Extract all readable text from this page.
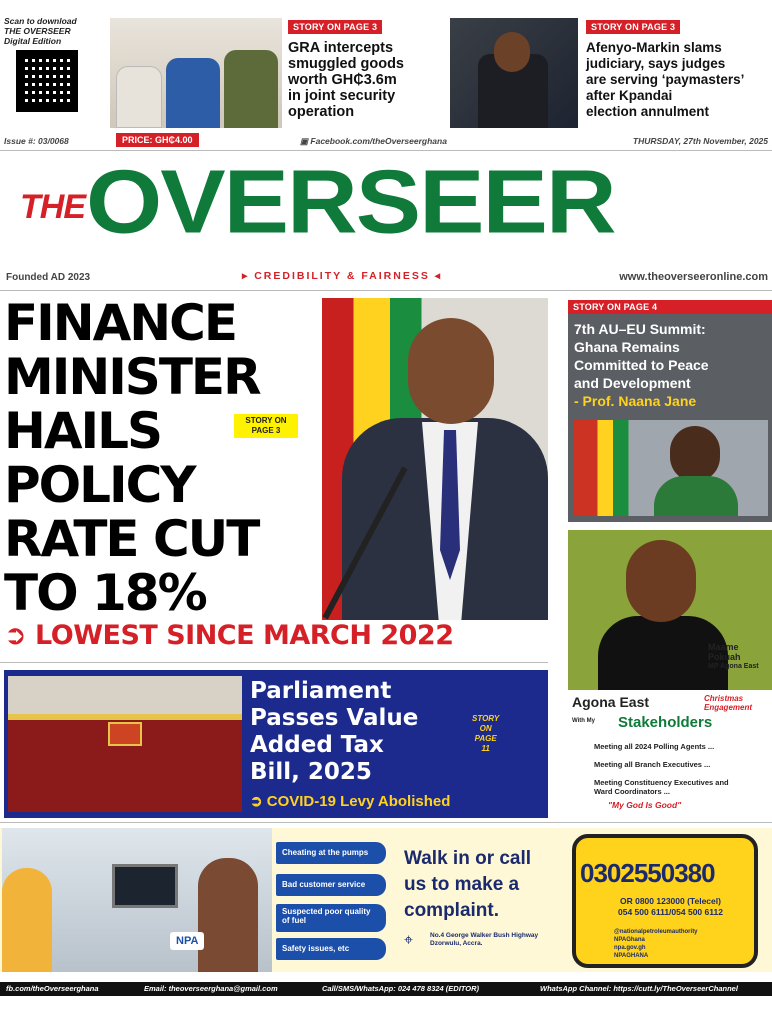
Scan to download
THE OVERSEER
Digital Edition
STORY ON PAGE 3
GRA intercepts
smuggled goods
worth GH₵3.6m
in joint security
operation
STORY ON PAGE 3
Afenyo-Markin slams
judiciary, says judges
are serving ‘paymasters’
after Kpandai
election annulment
Issue #: 03/0068	▣ Facebook.com/theOverseerghana	THURSDAY, 27th November, 2025
PRICE: GH₵4.00
THE OVERSEER
Founded AD 2023	▸ CREDIBILITY & FAIRNESS ◂	www.theoverseeronline.com
FINANCE
MINISTER
HAILS
POLICY
RATE CUT
TO 18%
STORY ON
PAGE 3
➲ LOWEST SINCE MARCH 2022
Parliament
Passes Value
Added Tax
Bill, 2025
STORY
ON
PAGE
11
➲ COVID-19 Levy Abolished
STORY ON PAGE 4
7th AU–EU Summit:
Ghana Remains
Committed to Peace
and Development
- Prof. Naana Jane
Maame
Pokuah
MP Agona East
Agona East	Christmas
Engagement
With My Stakeholders
Meeting all 2024 Polling Agents ...
Meeting all Branch Executives ...
Meeting Constituency Executives and
Ward Coordinators ...
"My God Is Good"
NPA
Cheating at the pumps
Bad customer service
Suspected poor quality of fuel
Safety issues, etc
Walk in or call
us to make a
complaint.
⌖	No.4 George Walker Bush Highway Dzorwulu, Accra.
0302550380
OR 0800 123000 (Telecel)
054 500 6111/054 500 6112
@nationalpetroleumauthority
NPAGhana
npa.gov.gh
NPAGHANA
fb.com/theOverseerghana	Email: theoverseerghana@gmail.com	Call/SMS/WhatsApp: 024 478 8324 (EDITOR)	WhatsApp Channel: https://cutt.ly/TheOverseerChannel
